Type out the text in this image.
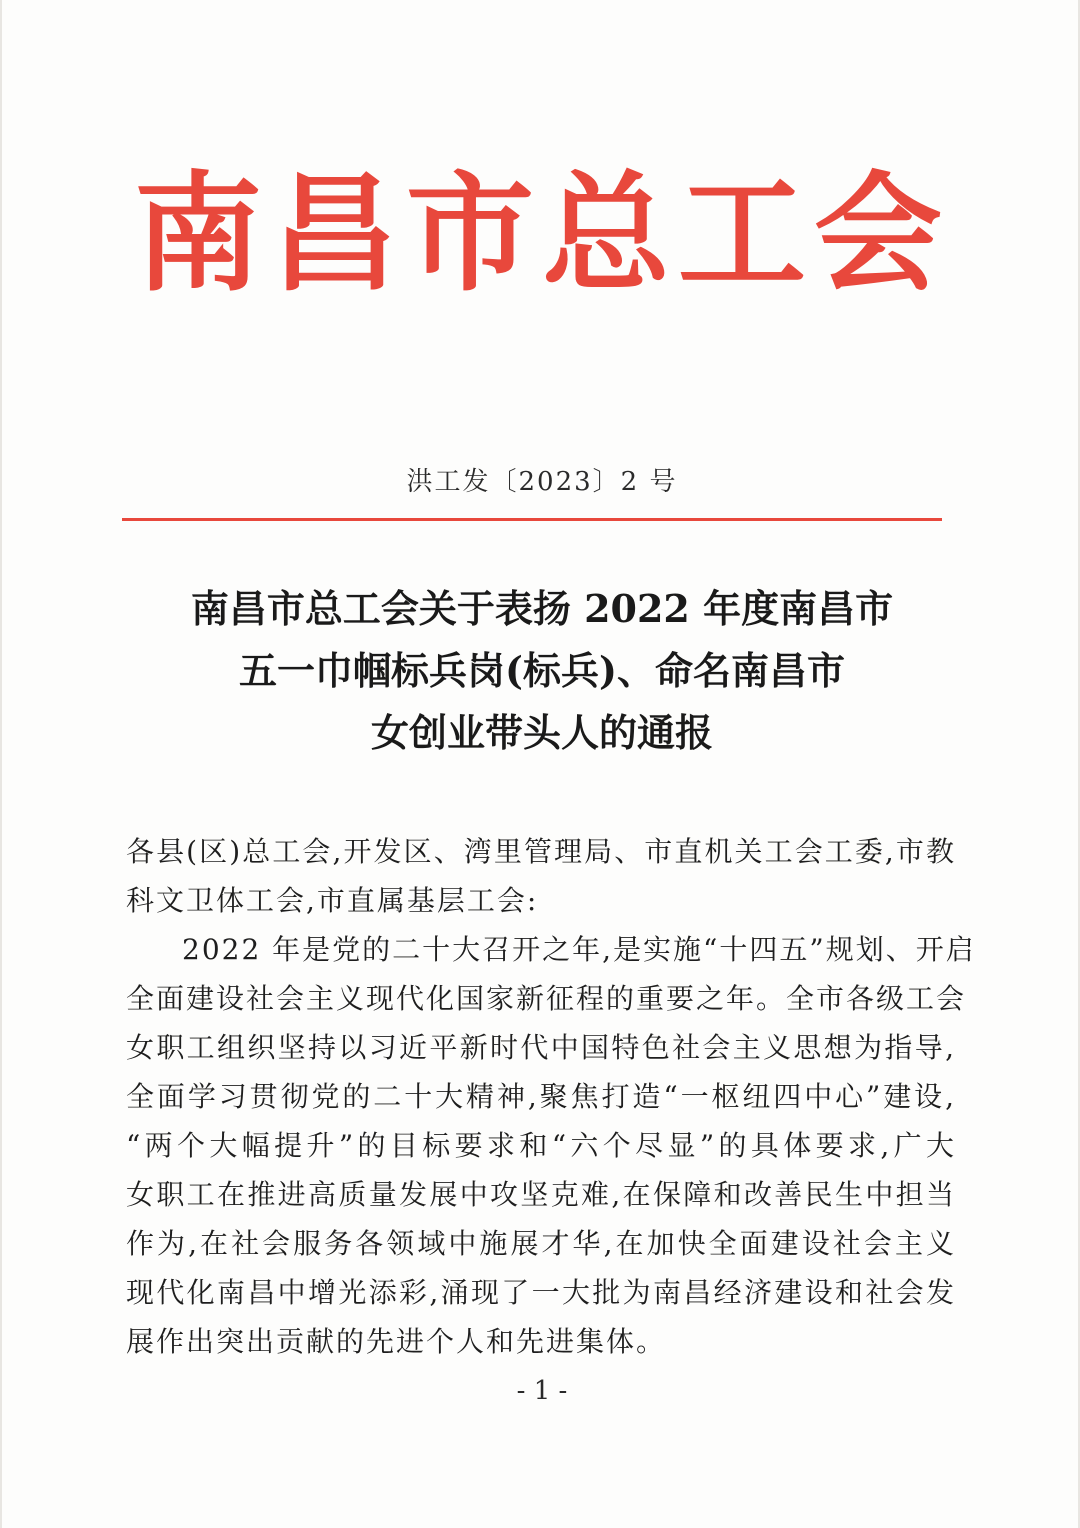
南昌市总工会
洪工发〔2023〕2 号
南昌市总工会关于表扬 2022 年度南昌市
五一巾帼标兵岗(标兵)、命名南昌市
女创业带头人的通报
各县(区)总工会,开发区、湾里管理局、市直机关工会工委,市教
科文卫体工会,市直属基层工会:
2022 年是党的二十大召开之年,是实施“十四五”规划、开启
全面建设社会主义现代化国家新征程的重要之年。全市各级工会
女职工组织坚持以习近平新时代中国特色社会主义思想为指导,
全面学习贯彻党的二十大精神,聚焦打造“一枢纽四中心”建设,
“两个大幅提升”的目标要求和“六个尽显”的具体要求,广大
女职工在推进高质量发展中攻坚克难,在保障和改善民生中担当
作为,在社会服务各领域中施展才华,在加快全面建设社会主义
现代化南昌中增光添彩,涌现了一大批为南昌经济建设和社会发
展作出突出贡献的先进个人和先进集体。
- 1 -
